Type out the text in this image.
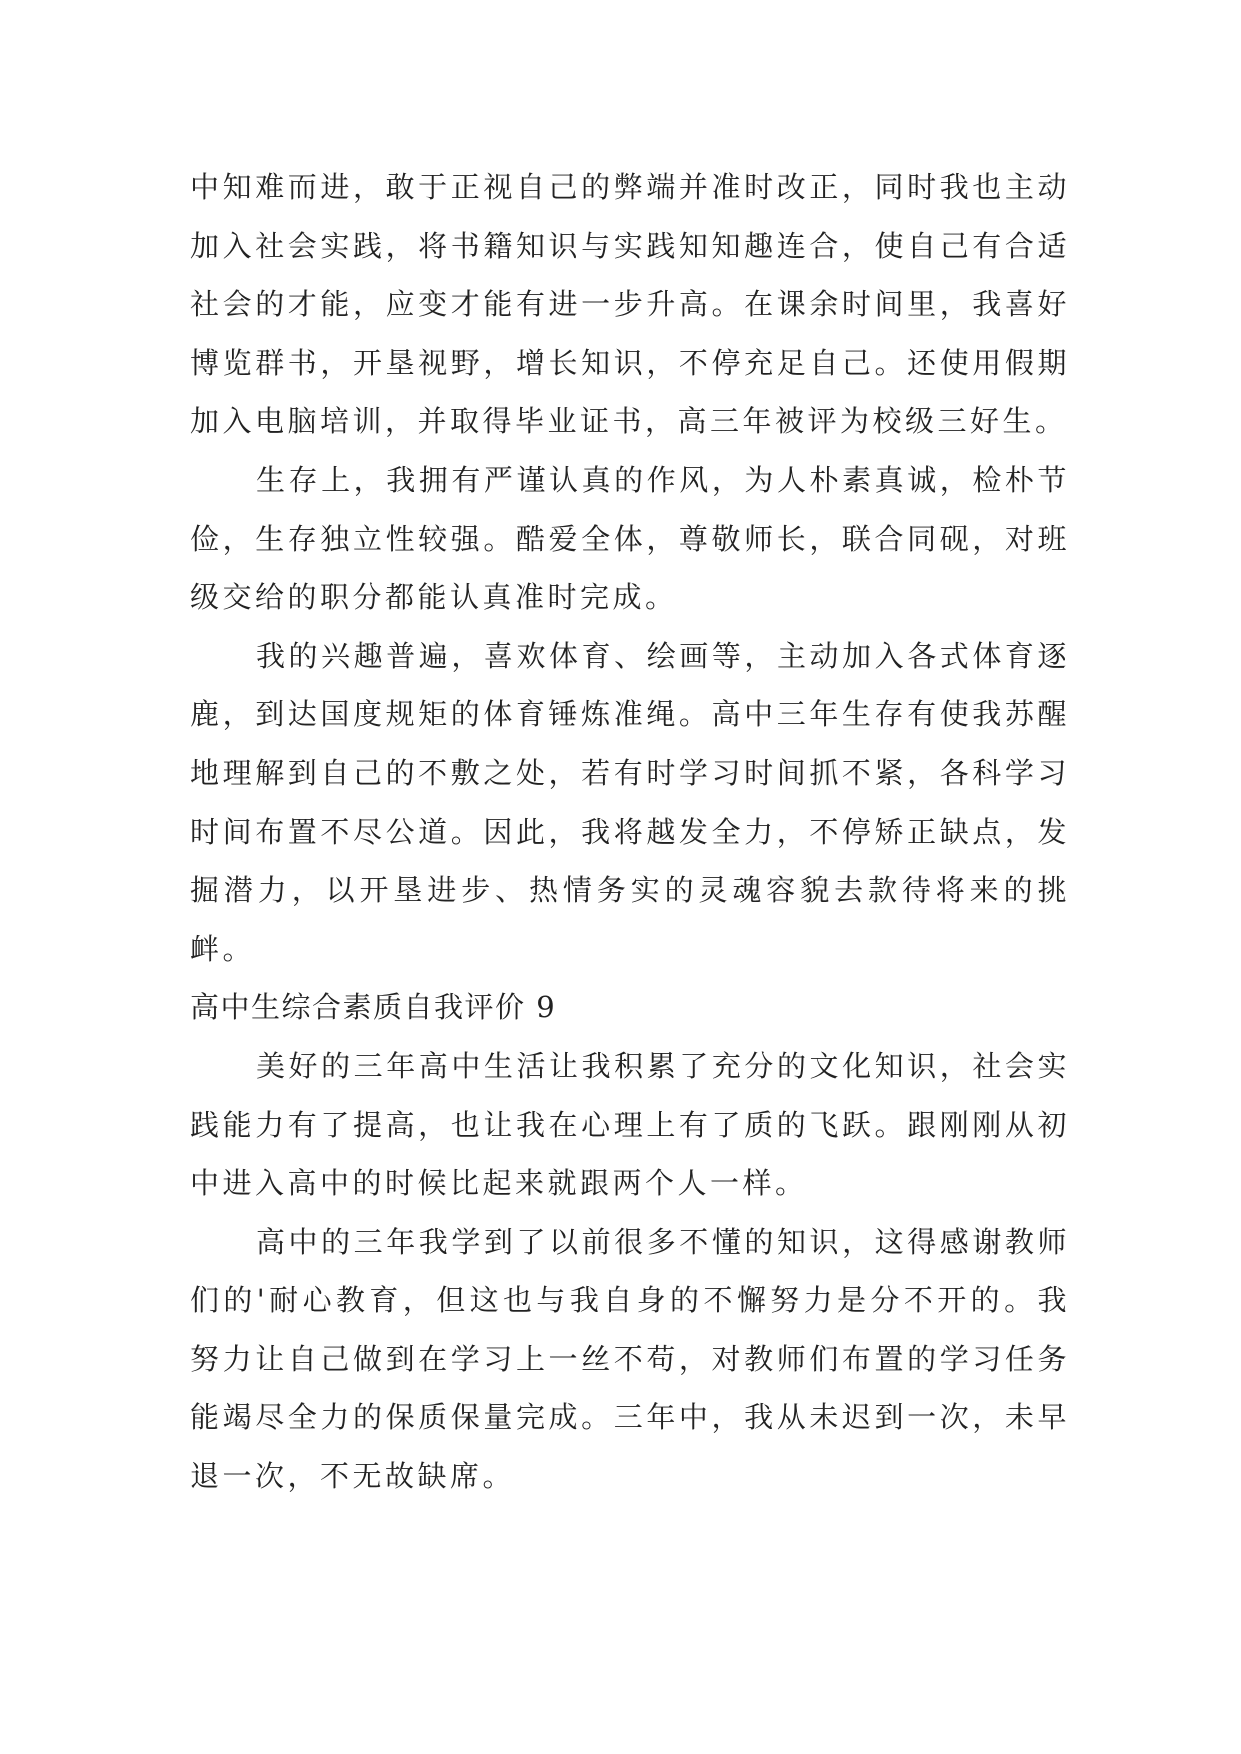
中知难而进，敢于正视自己的弊端并准时改正，同时我也主动加入社会实践，将书籍知识与实践知知趣连合，使自己有合适社会的才能，应变才能有进一步升高。在课余时间里，我喜好博览群书，开垦视野，增长知识，不停充足自己。还使用假期加入电脑培训，并取得毕业证书，高三年被评为校级三好生。

生存上，我拥有严谨认真的作风，为人朴素真诚，检朴节俭，生存独立性较强。酷爱全体，尊敬师长，联合同砚，对班级交给的职分都能认真准时完成。

我的兴趣普遍，喜欢体育、绘画等，主动加入各式体育逐鹿，到达国度规矩的体育锤炼准绳。高中三年生存有使我苏醒地理解到自己的不敷之处，若有时学习时间抓不紧，各科学习时间布置不尽公道。因此，我将越发全力，不停矫正缺点，发掘潜力，以开垦进步、热情务实的灵魂容貌去款待将来的挑衅。

高中生综合素质自我评价 9

美好的三年高中生活让我积累了充分的文化知识，社会实践能力有了提高，也让我在心理上有了质的飞跃。跟刚刚从初中进入高中的时候比起来就跟两个人一样。

高中的三年我学到了以前很多不懂的知识，这得感谢教师们的'耐心教育，但这也与我自身的不懈努力是分不开的。我努力让自己做到在学习上一丝不苟，对教师们布置的学习任务能竭尽全力的保质保量完成。三年中，我从未迟到一次，未早退一次，不无故缺席。
